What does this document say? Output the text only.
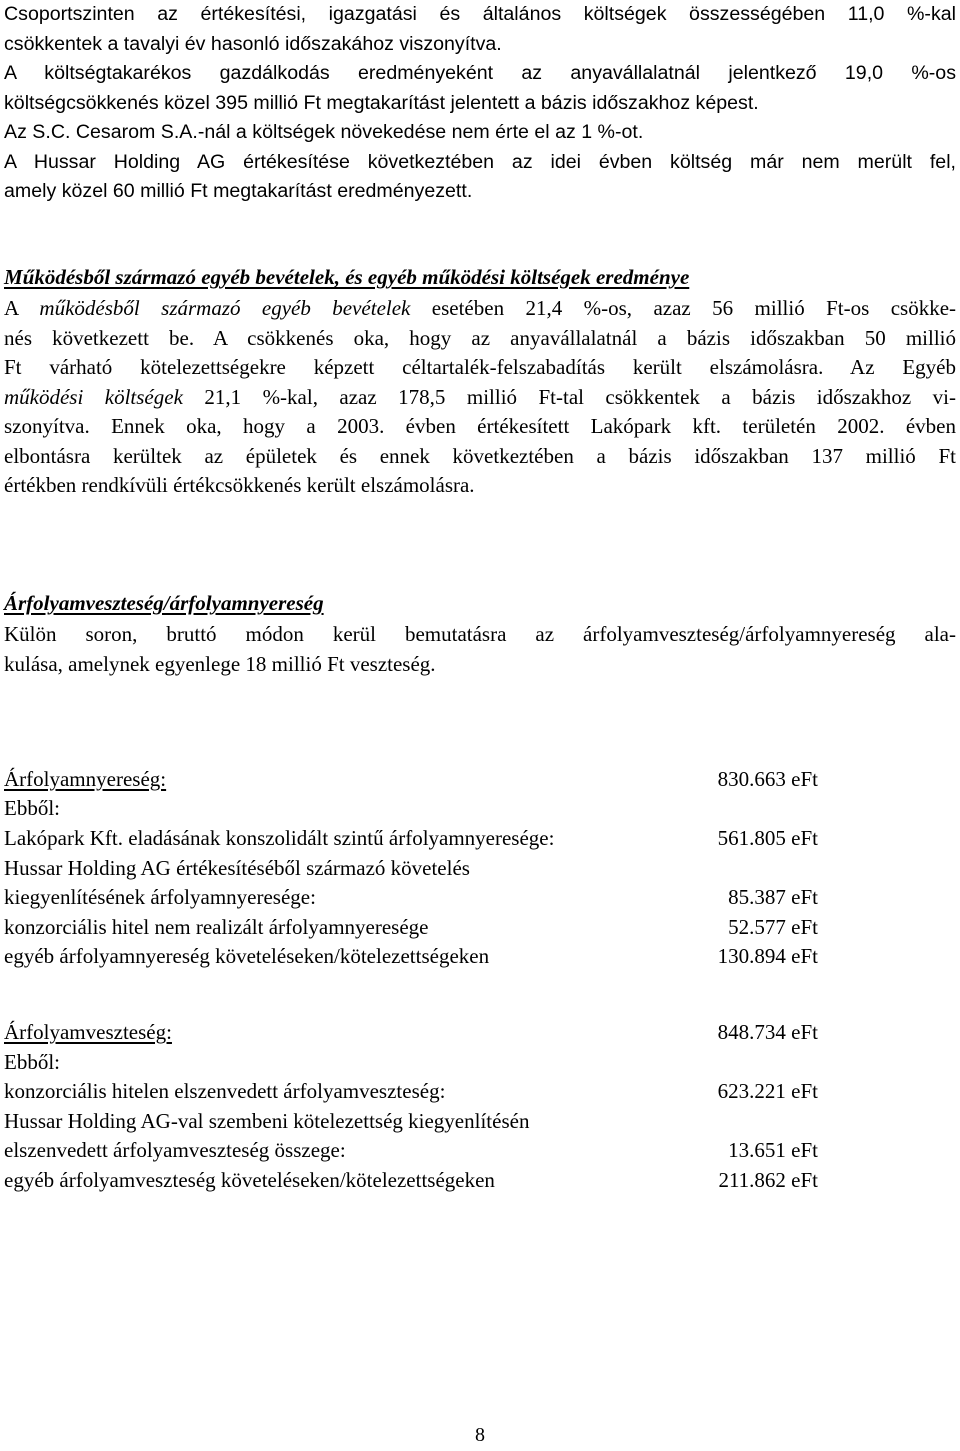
Csoportszinten az értékesítési, igazgatási és általános költségek összességében 11,0 %-kal
csökkentek a tavalyi év hasonló időszakához viszonyítva.
A költségtakarékos gazdálkodás eredményeként az anyavállalatnál jelentkező 19,0 %-os
költségcsökkenés közel 395 millió Ft megtakarítást jelentett a bázis időszakhoz képest.
Az S.C. Cesarom S.A.-nál a költségek növekedése nem érte el az 1 %-ot.
A Hussar Holding AG értékesítése következtében az idei évben költség már nem merült fel,
amely közel 60 millió Ft megtakarítást eredményezett.
Működésből származó egyéb bevételek, és egyéb működési költségek eredménye
A működésből származó egyéb bevételek esetében 21,4 %-os, azaz 56 millió Ft-os csökke-
nés következett be. A csökkenés oka, hogy az anyavállalatnál a bázis időszakban 50 millió
Ft várható kötelezettségekre képzett céltartalék-felszabadítás került elszámolásra. Az Egyéb
működési költségek 21,1 %-kal, azaz 178,5 millió Ft-tal csökkentek a bázis időszakhoz vi-
szonyítva. Ennek oka, hogy a 2003. évben értékesített Lakópark kft. területén 2002. évben
elbontásra kerültek az épületek és ennek következtében a bázis időszakban 137 millió Ft
értékben rendkívüli értékcsökkenés került elszámolásra.
Árfolyamveszteség/árfolyamnyereség
Külön soron, bruttó módon kerül bemutatásra az árfolyamveszteség/árfolyamnyereség ala-
kulása, amelynek egyenlege 18 millió Ft veszteség.
Árfolyamnyereség:	830.663 eFt
Ebből:
Lakópark Kft. eladásának konszolidált szintű árfolyamnyeresége:	561.805 eFt
Hussar Holding AG értékesítéséből származó követelés
kiegyenlítésének árfolyamnyeresége:	85.387 eFt
konzorciális hitel nem realizált árfolyamnyeresége	52.577 eFt
egyéb árfolyamnyereség követeléseken/kötelezettségeken	130.894 eFt
Árfolyamveszteség:	848.734 eFt
Ebből:
konzorciális hitelen elszenvedett árfolyamveszteség:	623.221 eFt
Hussar Holding AG-val szembeni kötelezettség kiegyenlítésén
elszenvedett árfolyamveszteség összege:	13.651 eFt
egyéb árfolyamveszteség követeléseken/kötelezettségeken	211.862 eFt
8
